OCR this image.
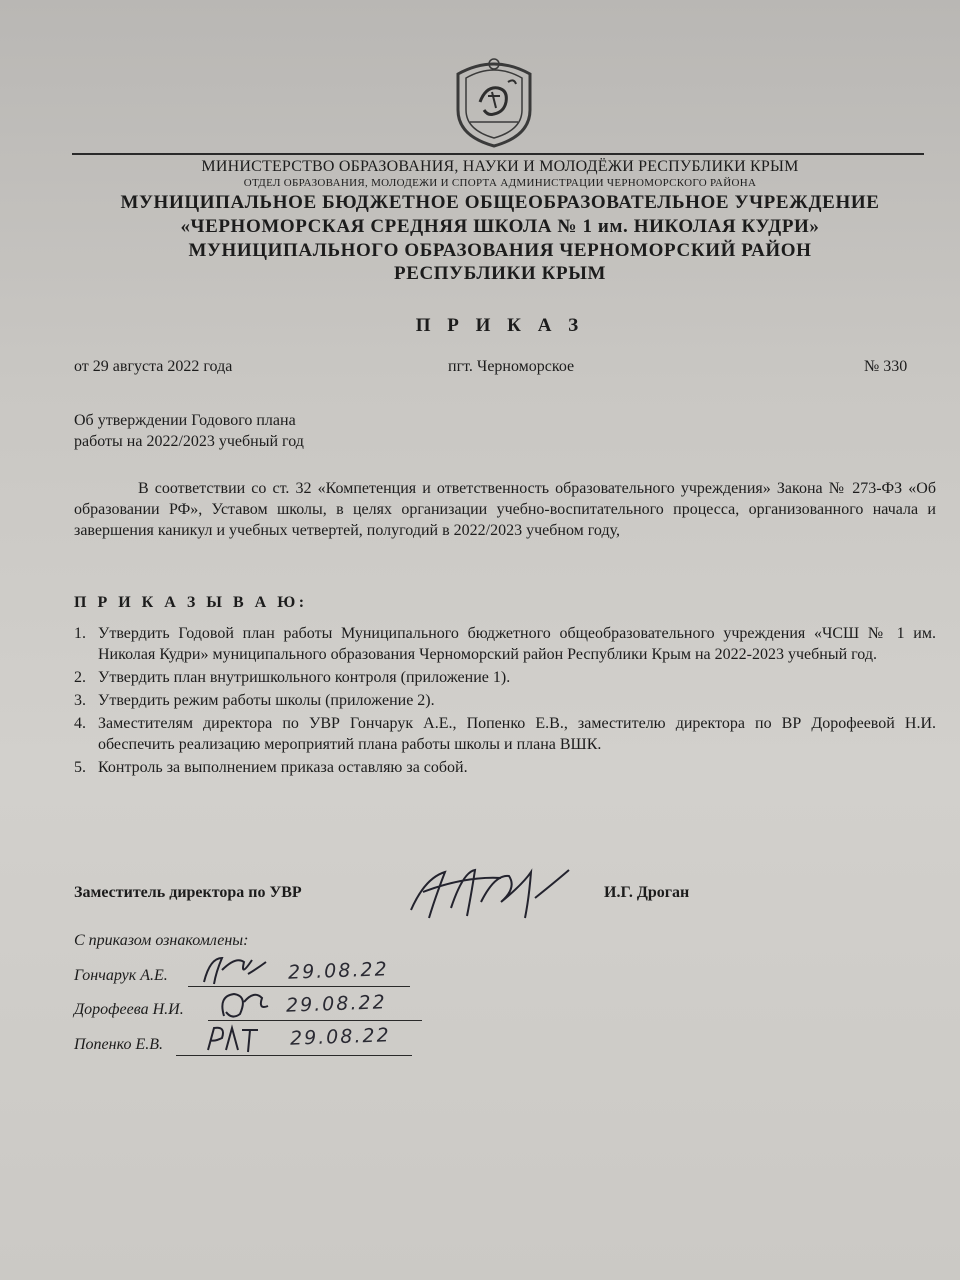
МИНИСТЕРСТВО ОБРАЗОВАНИЯ, НАУКИ И МОЛОДЁЖИ РЕСПУБЛИКИ КРЫМ
ОТДЕЛ ОБРАЗОВАНИЯ, МОЛОДЕЖИ И СПОРТА АДМИНИСТРАЦИИ ЧЕРНОМОРСКОГО РАЙОНА
МУНИЦИПАЛЬНОЕ БЮДЖЕТНОЕ ОБЩЕОБРАЗОВАТЕЛЬНОЕ УЧРЕЖДЕНИЕ
«ЧЕРНОМОРСКАЯ СРЕДНЯЯ ШКОЛА № 1 им. НИКОЛАЯ КУДРИ»
МУНИЦИПАЛЬНОГО ОБРАЗОВАНИЯ ЧЕРНОМОРСКИЙ РАЙОН
РЕСПУБЛИКИ КРЫМ
П Р И К А З
от 29 августа 2022 года	пгт. Черноморское	№ 330
Об утверждении Годового плана
работы на 2022/2023 учебный год

В соответствии со ст. 32 «Компетенция и ответственность образовательного учреждения» Закона № 273-ФЗ «Об образовании РФ», Уставом школы, в целях организации учебно-воспитательного процесса, организованного начала и завершения каникул и учебных четвертей, полугодий в 2022/2023 учебном году,

П Р И К А З Ы В А Ю:
1. Утвердить Годовой план работы Муниципального бюджетного общеобразовательного учреждения «ЧСШ № 1 им. Николая Кудри» муниципального образования Черноморский район Республики Крым на 2022-2023 учебный год.
2. Утвердить план внутришкольного контроля (приложение 1).
3. Утвердить режим работы школы (приложение 2).
4. Заместителям директора по УВР Гончарук А.Е., Попенко Е.В., заместителю директора по ВР Дорофеевой Н.И. обеспечить реализацию мероприятий плана работы школы и плана ВШК.
5. Контроль за выполнением приказа оставляю за собой.
Заместитель директора по УВР	И.Г. Дроган
С приказом ознакомлены:
Гончарук А.Е.	29.08.22
Дорофеева Н.И.	29.08.22
Попенко Е.В.	29.08.22
